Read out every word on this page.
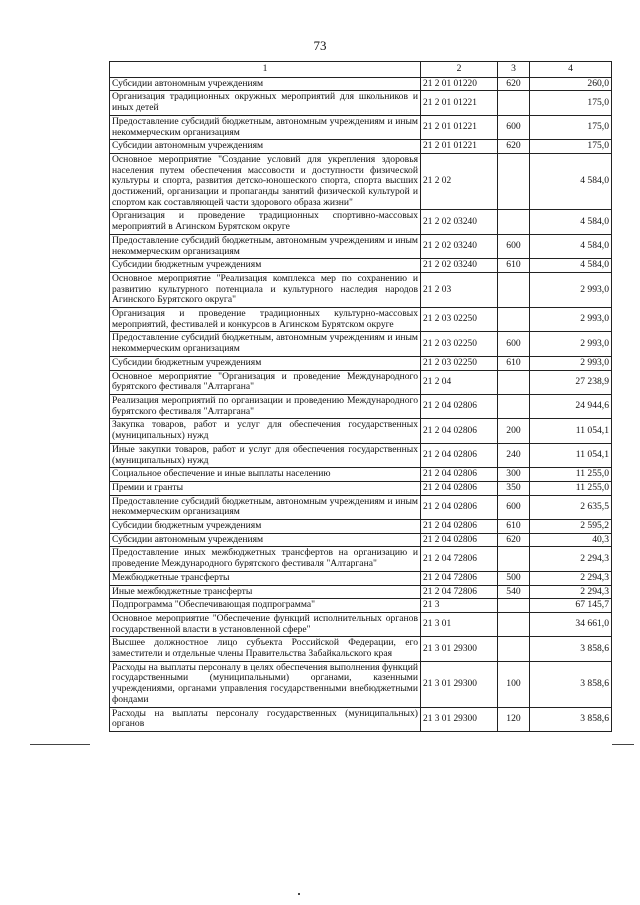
73
1	2	3	4
Субсидии автономным учреждениям	21 2 01 01220	620	260,0
Организация традиционных окружных мероприятий для школьников и иных детей	21 2 01 01221		175,0
Предоставление субсидий бюджетным, автономным учреждениям и иным некоммерческим организациям	21 2 01 01221	600	175,0
Субсидии автономным учреждениям	21 2 01 01221	620	175,0
Основное мероприятие "Создание условий для укрепления здоровья населения путем обеспечения массовости и доступности физической культуры и спорта, развития детско-юношеского спорта, спорта высших достижений, организации и пропаганды занятий физической культурой и спортом как составляющей части здорового образа жизни"	21 2 02		4 584,0
Организация и проведение традиционных спортивно-массовых мероприятий в Агинском Бурятском округе	21 2 02 03240		4 584,0
Предоставление субсидий бюджетным, автономным учреждениям и иным некоммерческим организациям	21 2 02 03240	600	4 584,0
Субсидии бюджетным учреждениям	21 2 02 03240	610	4 584,0
Основное мероприятие "Реализация комплекса мер по сохранению и развитию культурного потенциала и культурного наследия народов Агинского Бурятского округа"	21 2 03		2 993,0
Организация и проведение традиционных культурно-массовых мероприятий, фестивалей и конкурсов в Агинском Бурятском округе	21 2 03 02250		2 993,0
Предоставление субсидий бюджетным, автономным учреждениям и иным некоммерческим организациям	21 2 03 02250	600	2 993,0
Субсидии бюджетным учреждениям	21 2 03 02250	610	2 993,0
Основное мероприятие "Организация и проведение Международного бурятского фестиваля "Алтаргана"	21 2 04		27 238,9
Реализация мероприятий по организации и проведению Международного бурятского фестиваля "Алтаргана"	21 2 04 02806		24 944,6
Закупка товаров, работ и услуг для обеспечения государственных (муниципальных) нужд	21 2 04 02806	200	11 054,1
Иные закупки товаров, работ и услуг для обеспечения государственных (муниципальных) нужд	21 2 04 02806	240	11 054,1
Социальное обеспечение и иные выплаты населению	21 2 04 02806	300	11 255,0
Премии и гранты	21 2 04 02806	350	11 255,0
Предоставление субсидий бюджетным, автономным учреждениям и иным некоммерческим организациям	21 2 04 02806	600	2 635,5
Субсидии бюджетным учреждениям	21 2 04 02806	610	2 595,2
Субсидии автономным учреждениям	21 2 04 02806	620	40,3
Предоставление иных межбюджетных трансфертов на организацию и проведение Международного бурятского фестиваля "Алтаргана"	21 2 04 72806		2 294,3
Межбюджетные трансферты	21 2 04 72806	500	2 294,3
Иные межбюджетные трансферты	21 2 04 72806	540	2 294,3
Подпрограмма "Обеспечивающая подпрограмма"	21 3		67 145,7
Основное мероприятие "Обеспечение функций исполнительных органов государственной власти в установленной сфере"	21 3 01		34 661,0
Высшее должностное лицо субъекта Российской Федерации, его заместители и отдельные члены Правительства Забайкальского края	21 3 01 29300		3 858,6
Расходы на выплаты персоналу в целях обеспечения выполнения функций государственными (муниципальными) органами, казенными учреждениями, органами управления государственными внебюджетными фондами	21 3 01 29300	100	3 858,6
Расходы на выплаты персоналу государственных (муниципальных) органов	21 3 01 29300	120	3 858,6
